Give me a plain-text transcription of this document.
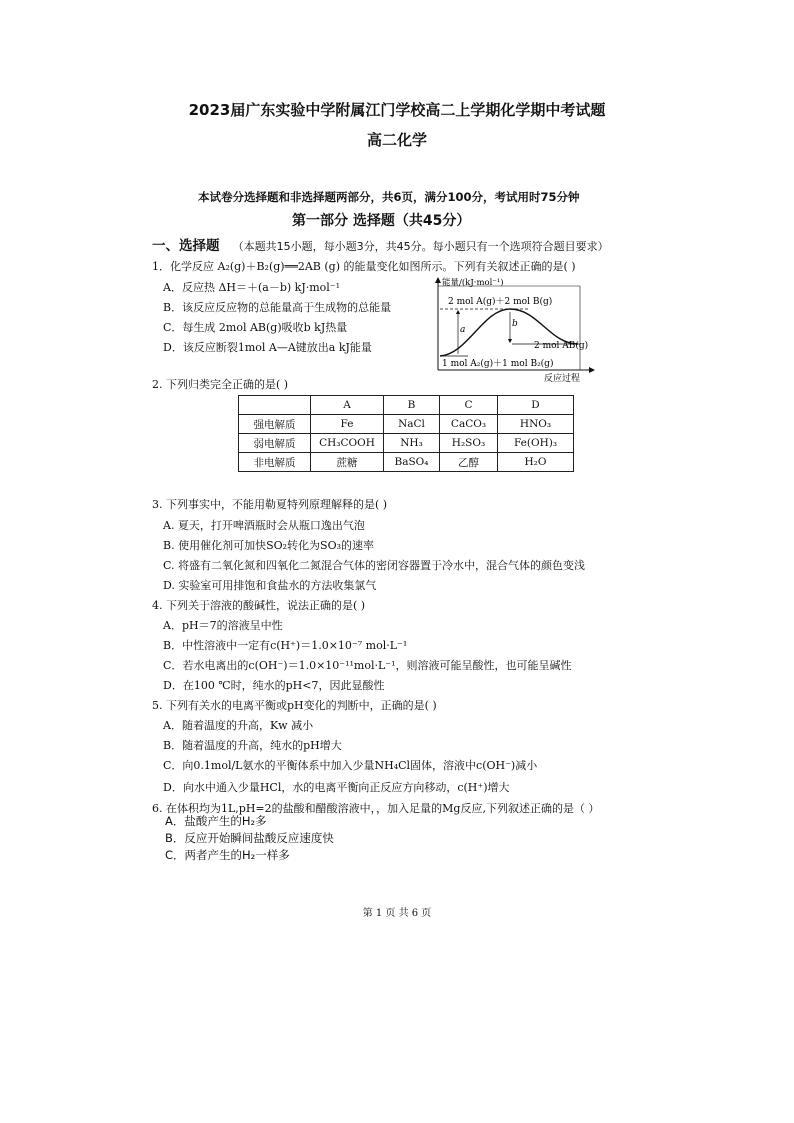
2023届广东实验中学附属江门学校高二上学期化学期中考试题
高二化学
本试卷分选择题和非选择题两部分，共6页，满分100分，考试用时75分钟
第一部分 选择题（共45分）
一、选择题 （本题共15小题，每小题3分，共45分。每小题只有一个选项符合题目要求）
1．化学反应 A₂(g)＋B₂(g)══2AB (g) 的能量变化如图所示。下列有关叙述正确的是( )
A．反应热 ΔH＝＋(a－b) kJ·mol⁻¹
B．该反应反应物的总能量高于生成物的总能量
C．每生成 2mol AB(g)吸收b kJ热量
D．该反应断裂1mol A—A键放出a kJ能量
能量/(kJ·mol⁻¹)
2 mol A(g)＋2 mol B(g)
2 mol AB(g)
1 mol A₂(g)＋1 mol B₂(g)
a
b
反应过程
2. 下列归类完全正确的是( )
	A	B	C	D
强电解质	Fe	NaCl	CaCO₃	HNO₃
弱电解质	CH₃COOH	NH₃	H₂SO₃	Fe(OH)₃
非电解质	蔗糖	BaSO₄	乙醇	H₂O
3. 下列事实中，不能用勒夏特列原理解释的是( )
A. 夏天，打开啤酒瓶时会从瓶口逸出气泡
B. 使用催化剂可加快SO₂转化为SO₃的速率
C. 将盛有二氧化氮和四氧化二氮混合气体的密闭容器置于冷水中，混合气体的颜色变浅
D. 实验室可用排饱和食盐水的方法收集氯气
4. 下列关于溶液的酸碱性，说法正确的是( )
A．pH＝7的溶液呈中性
B．中性溶液中一定有c(H⁺)＝1.0×10⁻⁷ mol·L⁻¹
C．若水电离出的c(OH⁻)＝1.0×10⁻¹¹mol·L⁻¹，则溶液可能呈酸性，也可能呈碱性
D．在100 ℃时，纯水的pH<7，因此显酸性
5. 下列有关水的电离平衡或pH变化的判断中，正确的是( )
A．随着温度的升高，Kw 减小
B．随着温度的升高，纯水的pH增大
C．向0.1mol/L氨水的平衡体系中加入少量NH₄Cl固体，溶液中c(OH⁻)减小
D．向水中通入少量HCl，水的电离平衡向正反应方向移动，c(H⁺)增大
6. 在体积均为1L,pH=2的盐酸和醋酸溶液中，，加入足量的Mg反应,下列叙述正确的是（ ）
A．盐酸产生的H₂多
B．反应开始瞬间盐酸反应速度快
C．两者产生的H₂一样多
第 1 页 共 6 页
